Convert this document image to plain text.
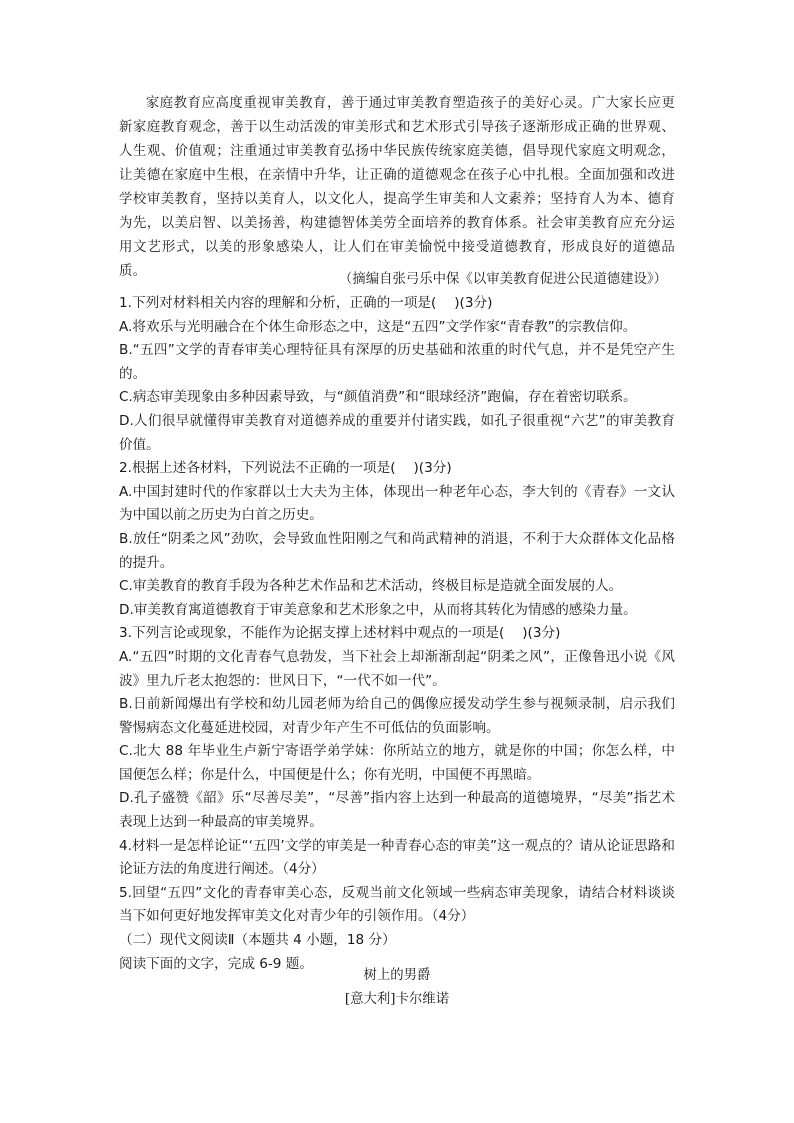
家庭教育应高度重视审美教育，善于通过审美教育塑造孩子的美好心灵。广大家长应更新家庭教育观念，善于以生动活泼的审美形式和艺术形式引导孩子逐渐形成正确的世界观、人生观、价值观；注重通过审美教育弘扬中华民族传统家庭美德，倡导现代家庭文明观念，让美德在家庭中生根，在亲情中升华，让正确的道德观念在孩子心中扎根。全面加强和改进学校审美教育，坚持以美育人，以文化人，提高学生审美和人文素养；坚持育人为本、德育为先，以美启智、以美扬善，构建德智体美劳全面培养的教育体系。社会审美教育应充分运用文艺形式，以美的形象感染人，让人们在审美愉悦中接受道德教育，形成良好的道德品质。

（摘编自张弓乐中保《以审美教育促进公民道德建设》）

1.下列对材料相关内容的理解和分析，正确的一项是(　 )(3分)

A.将欢乐与光明融合在个体生命形态之中，这是“五四”文学作家“青春教”的宗教信仰。

B.“五四”文学的青春审美心理特征具有深厚的历史基础和浓重的时代气息，并不是凭空产生的。

C.病态审美现象由多种因素导致，与“颜值消费”和“眼球经济”跑偏，存在着密切联系。

D.人们很早就懂得审美教育对道德养成的重要并付诸实践，如孔子很重视“六艺”的审美教育价值。

2.根据上述各材料，下列说法不正确的一项是(　 )(3分)

A.中国封建时代的作家群以士大夫为主体，体现出一种老年心态，李大钊的《青春》一文认为中国以前之历史为白首之历史。

B.放任“阴柔之风”劲吹，会导致血性阳刚之气和尚武精神的消退，不利于大众群体文化品格的提升。

C.审美教育的教育手段为各种艺术作品和艺术活动，终极目标是造就全面发展的人。

D.审美教育寓道德教育于审美意象和艺术形象之中，从而将其转化为情感的感染力量。

3.下列言论或现象，不能作为论据支撑上述材料中观点的一项是(　 )(3分)

A.“五四”时期的文化青春气息勃发，当下社会上却渐渐刮起“阴柔之风”，正像鲁迅小说《风波》里九斤老太抱怨的：世风日下，“一代不如一代”。

B.日前新闻爆出有学校和幼儿园老师为给自己的偶像应援发动学生参与视频录制，启示我们警惕病态文化蔓延进校园，对青少年产生不可低估的负面影响。

C.北大 88 年毕业生卢新宁寄语学弟学妹：你所站立的地方，就是你的中国；你怎么样，中国便怎么样；你是什么，中国便是什么；你有光明，中国便不再黑暗。

D.孔子盛赞《韶》乐“尽善尽美”，“尽善”指内容上达到一种最高的道德境界，“尽美”指艺术表现上达到一种最高的审美境界。

4.材料一是怎样论证“‘五四’文学的审美是一种青春心态的审美”这一观点的？请从论证思路和论证方法的角度进行阐述。（4分）

5.回望“五四”文化的青春审美心态，反观当前文化领域一些病态审美现象，请结合材料谈谈当下如何更好地发挥审美文化对青少年的引领作用。（4分）

（二）现代文阅读Ⅱ（本题共 4 小题，18 分）

阅读下面的文字，完成 6-9 题。

树上的男爵
[意大利]卡尔维诺
